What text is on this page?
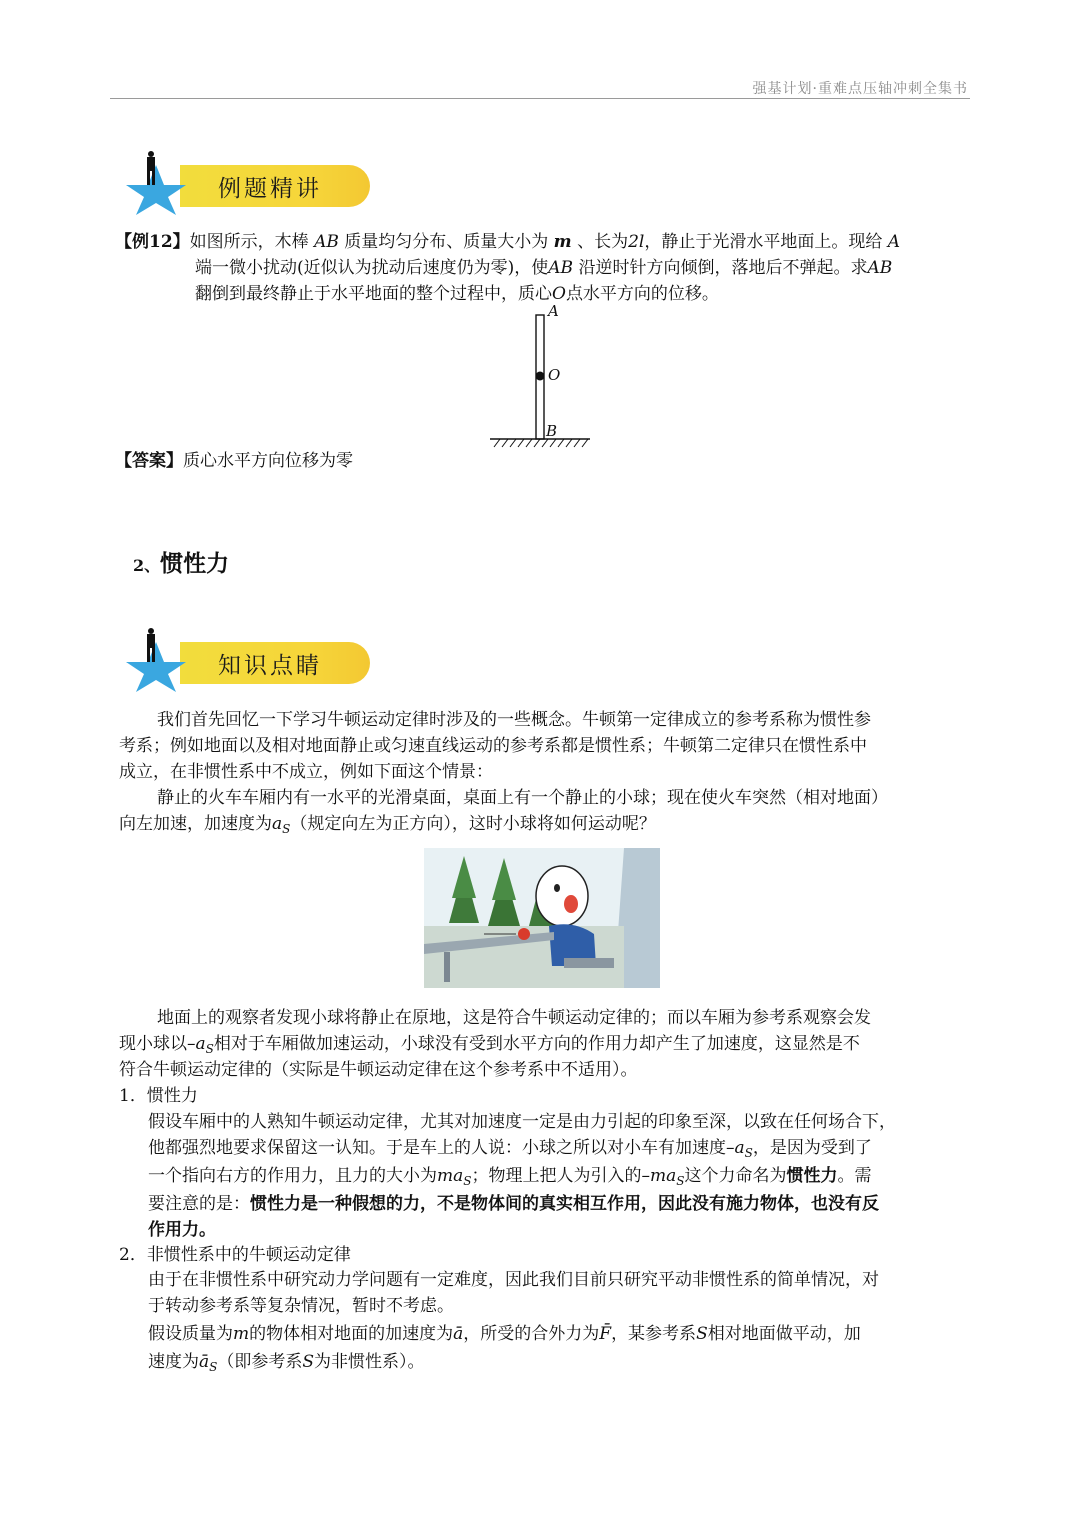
强基计划·重难点压轴冲刺全集书
例题精讲
【例12】如图所示，木棒 AB 质量均匀分布、质量大小为 m 、长为2l，静止于光滑水平地面上。现给 A
端一微小扰动(近似认为扰动后速度仍为零)，使AB 沿逆时针方向倾倒，落地后不弹起。求AB
翻倒到最终静止于水平地面的整个过程中，质心O点水平方向的位移。
A
O
B
【答案】质心水平方向位移为零
2、惯性力
知识点睛
我们首先回忆一下学习牛顿运动定律时涉及的一些概念。牛顿第一定律成立的参考系称为惯性参
考系；例如地面以及相对地面静止或匀速直线运动的参考系都是惯性系；牛顿第二定律只在惯性系中
成立，在非惯性系中不成立，例如下面这个情景：
静止的火车车厢内有一水平的光滑桌面，桌面上有一个静止的小球；现在使火车突然（相对地面）
向左加速，加速度为$a_S$（规定向左为正方向），这时小球将如何运动呢？
地面上的观察者发现小球将静止在原地，这是符合牛顿运动定律的；而以车厢为参考系观察会发
现小球以$-a_S$相对于车厢做加速运动，小球没有受到水平方向的作用力却产生了加速度，这显然是不
符合牛顿运动定律的（实际是牛顿运动定律在这个参考系中不适用）。
1．惯性力
假设车厢中的人熟知牛顿运动定律，尤其对加速度一定是由力引起的印象至深，以致在任何场合下，
他都强烈地要求保留这一认知。于是车上的人说：小球之所以对小车有加速度$-a_S$，是因为受到了
一个指向右方的作用力，且力的大小为$ma_S$；物理上把人为引入的$-ma_S$这个力命名为惯性力。需
要注意的是：惯性力是一种假想的力，不是物体间的真实相互作用，因此没有施力物体，也没有反
作用力。
2．非惯性系中的牛顿运动定律
由于在非惯性系中研究动力学问题有一定难度，因此我们目前只研究平动非惯性系的简单情况，对
于转动参考系等复杂情况，暂时不考虑。
假设质量为m的物体相对地面的加速度为ā，所受的合外力为F̄，某参考系S相对地面做平动，加
速度为$ā_S$（即参考系S为非惯性系）。
